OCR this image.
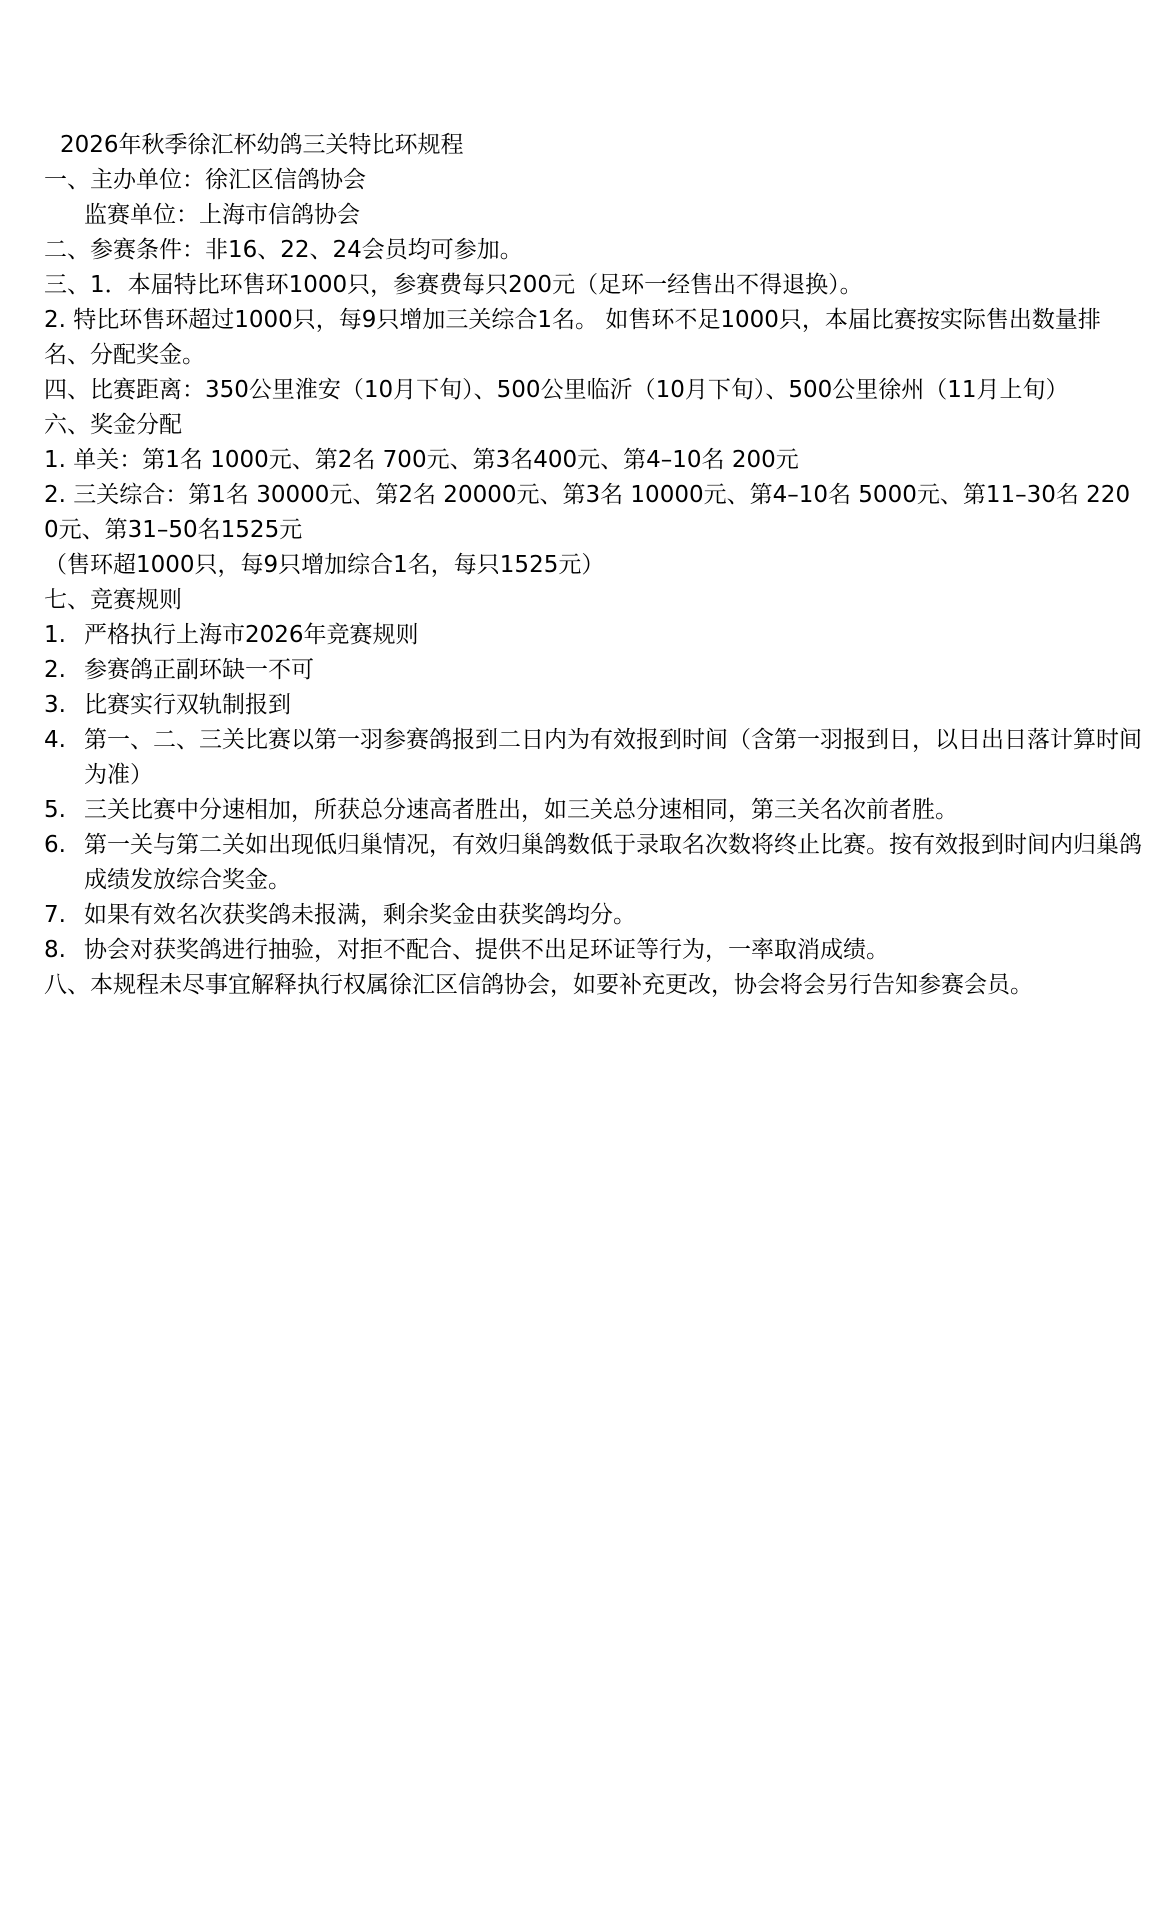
2026年秋季徐汇杯幼鸽三关特比环规程

一、主办单位：徐汇区信鸽协会

监赛单位：上海市信鸽协会

二、参赛条件：非16、22、24会员均可参加。

三、1．本届特比环售环1000只，参赛费每只200元（足环一经售出不得退换）。

2. 特比环售环超过1000只，每9只增加三关综合1名。 如售环不足1000只，本届比赛按实际售出数量排名、分配奖金。

四、比赛距离：350公里淮安（10月下旬）、500公里临沂（10月下旬）、500公里徐州（11月上旬）

六、奖金分配

1. 单关：第1名 1000元、第2名 700元、第3名400元、第4–10名 200元

2. 三关综合：第1名 30000元、第2名 20000元、第3名 10000元、第4–10名 5000元、第11–30名 2200元、第31–50名1525元

（售环超1000只，每9只增加综合1名，每只1525元）

七、竞赛规则

1. 严格执行上海市2026年竞赛规则
2. 参赛鸽正副环缺一不可
3. 比赛实行双轨制报到
4. 第一、二、三关比赛以第一羽参赛鸽报到二日内为有效报到时间（含第一羽报到日，以日出日落计算时间为准）
5. 三关比赛中分速相加，所获总分速高者胜出，如三关总分速相同，第三关名次前者胜。
6. 第一关与第二关如出现低归巢情况，有效归巢鸽数低于录取名次数将终止比赛。按有效报到时间内归巢鸽成绩发放综合奖金。
7. 如果有效名次获奖鸽未报满，剩余奖金由获奖鸽均分。
8. 协会对获奖鸽进行抽验，对拒不配合、提供不出足环证等行为，一率取消成绩。

八、本规程未尽事宜解释执行权属徐汇区信鸽协会，如要补充更改，协会将会另行告知参赛会员。
